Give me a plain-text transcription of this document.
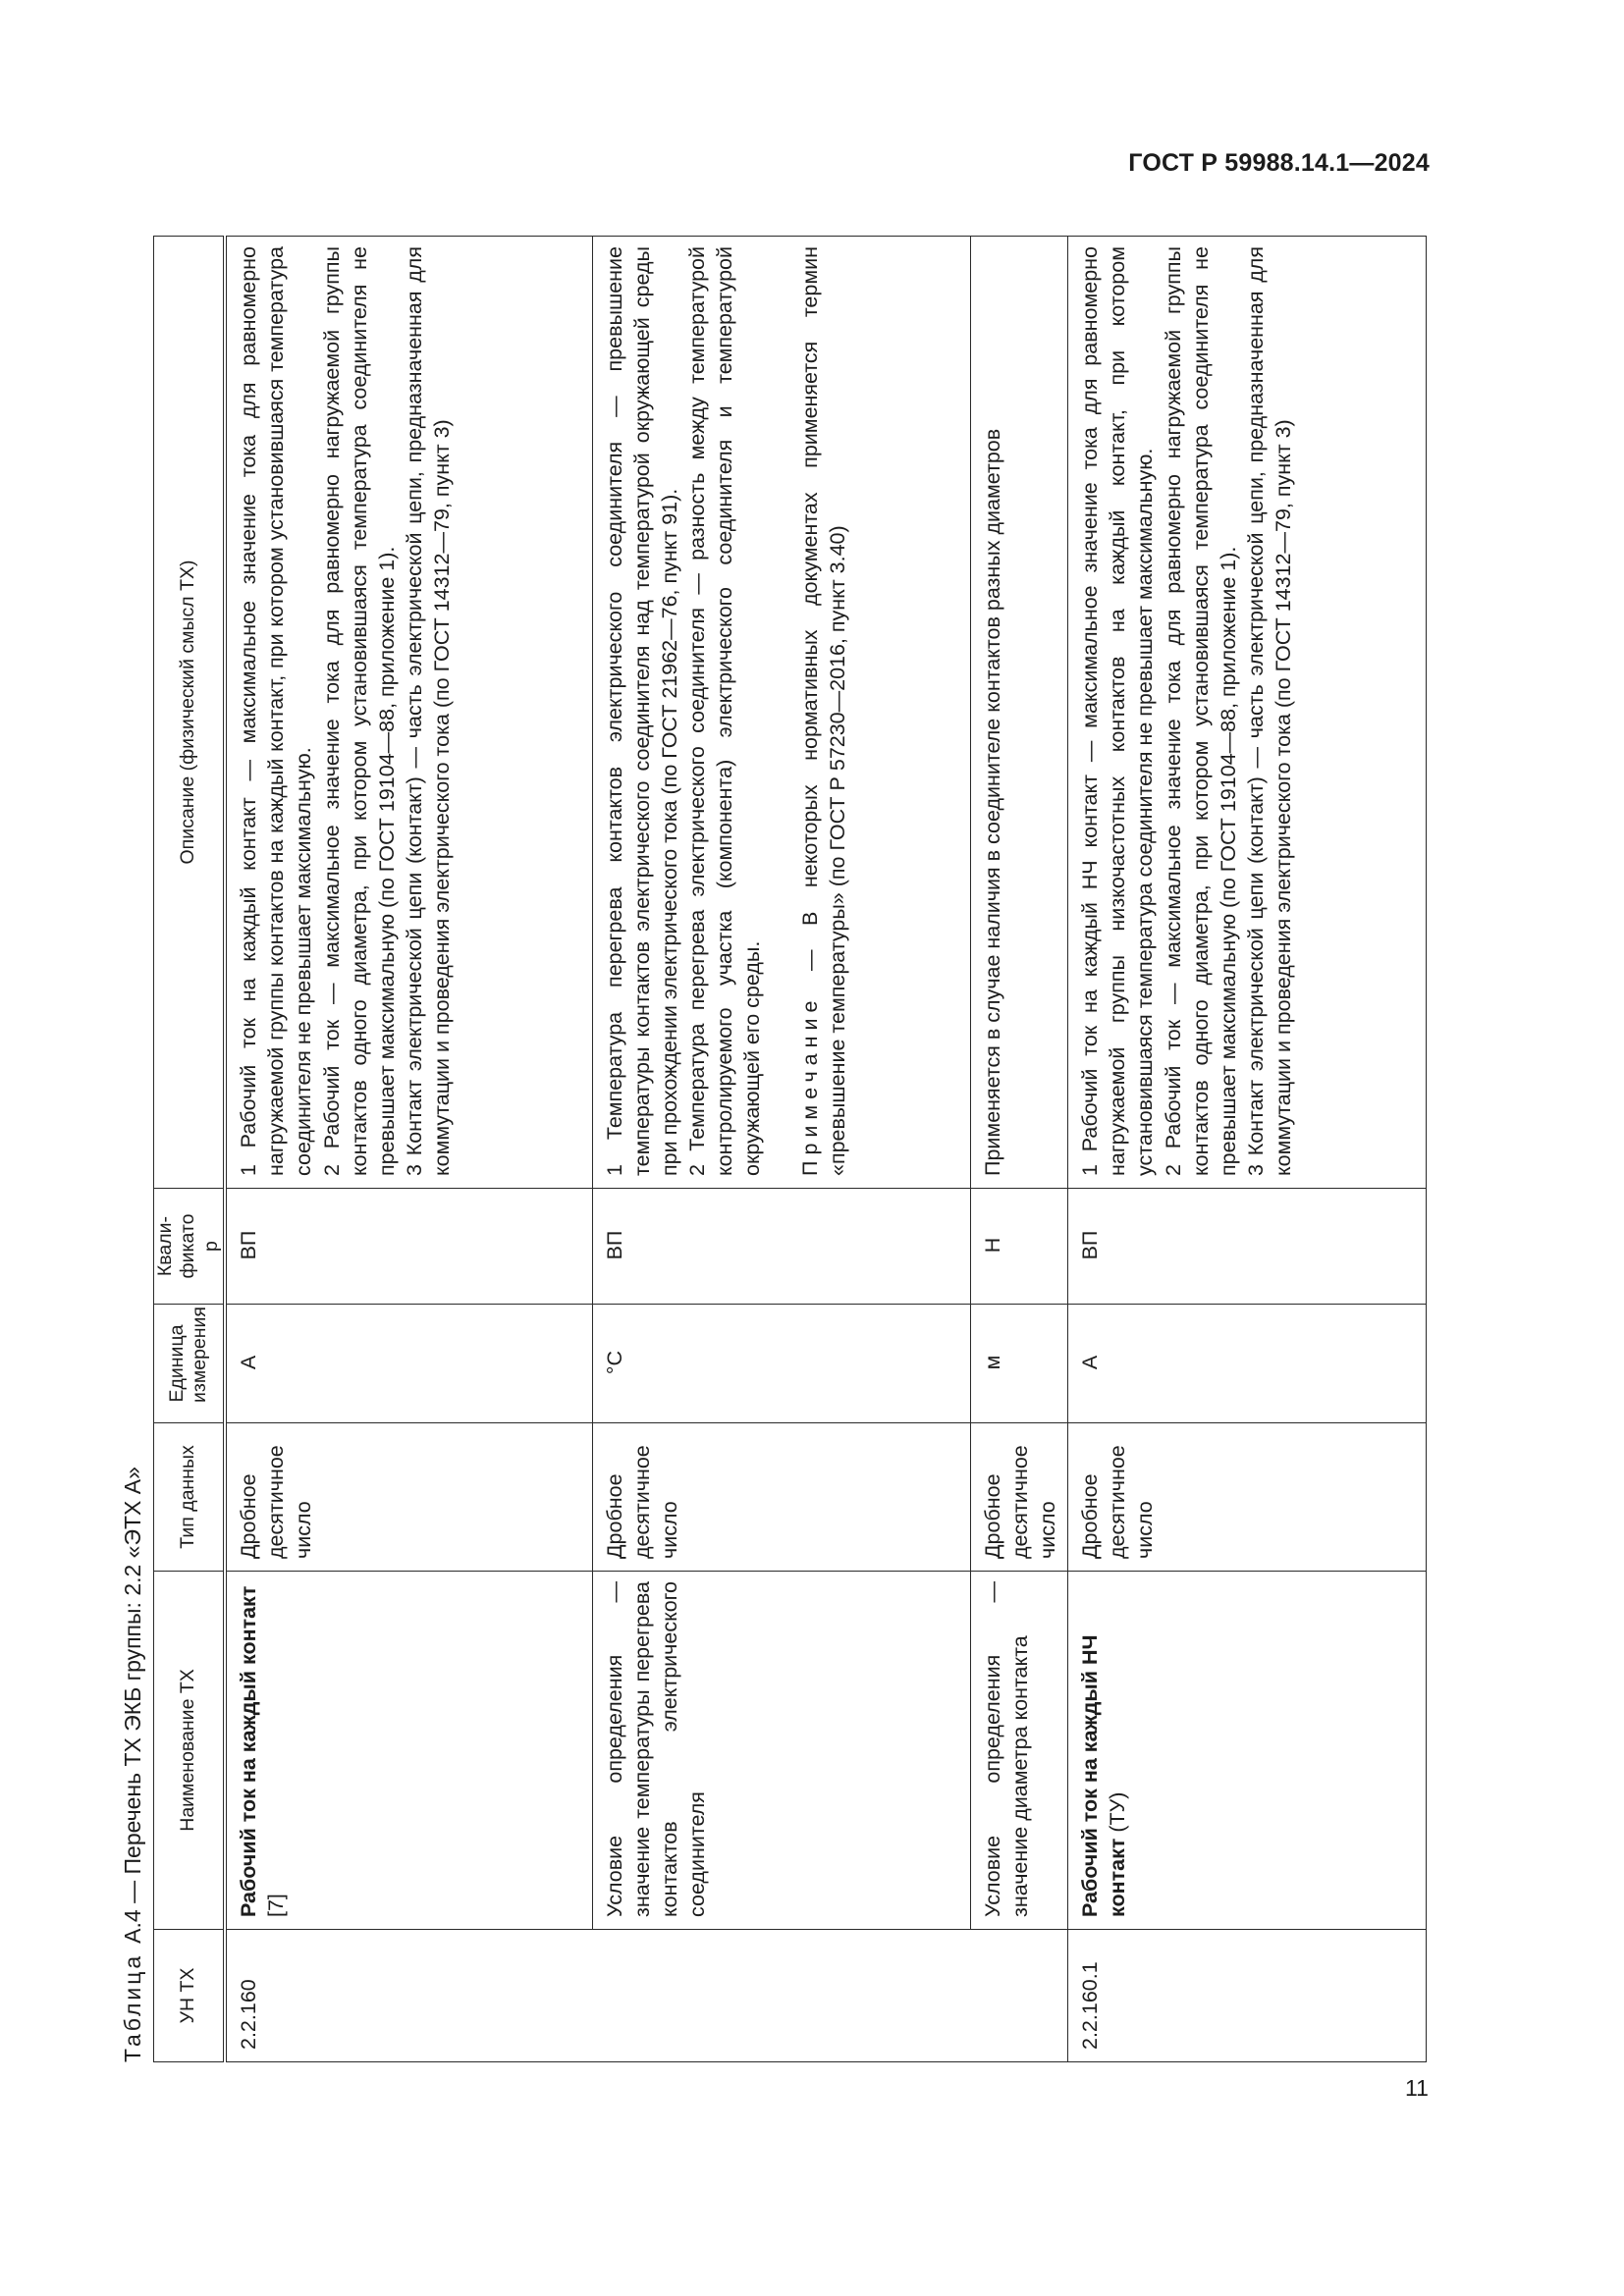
ГОСТ Р 59988.14.1—2024
Таблица
А.4 — Перечень ТХ ЭКБ группы: 2.2 «ЭТХ А»
УН ТХ	Наименование ТХ	Тип данных	Единица измерения	Квали-фикатор	Описание (физический смысл ТХ)

2.2.160	Рабочий ток на каждый контакт [7]	Дробное десятичное число	А	ВП	1 Рабочий ток на каждый контакт — максимальное значение тока для равномерно нагружаемой группы контактов на каждый контакт, при котором установившаяся температура соединителя не превышает максимальную. 2 Рабочий ток — максимальное значение тока для равномерно нагружаемой группы контактов одного диаметра, при котором установившаяся температура соединителя не превышает максимальную (по ГОСТ 19104—88, приложение 1). 3 Контакт электрической цепи (контакт) — часть электрической цепи, предназначенная для коммутации и проведения электрического тока (по ГОСТ 14312—79, пункт 3)

	Условие определения — значение температуры перегрева контактов электрического соединителя	Дробное десятичное число	°С	ВП	1 Температура перегрева контактов электрического соединителя — превышение температуры контактов электрического соединителя над температурой окружающей среды при прохождении электрического тока (по ГОСТ 21962—76, пункт 91). 2 Температура перегрева электрического соединителя — разность между температурой контролируемого участка (компонента) электрического соединителя и температурой окружающей его среды. Примечание — В некоторых нормативных документах применяется термин «превышение температуры» (по ГОСТ Р 57230—2016, пункт 3.40)

	Условие определения — значение диаметра контакта	Дробное десятичное число	м	Н	Применяется в случае наличия в соединителе контактов разных диаметров

2.2.160.1	Рабочий ток на каждый НЧ контакт (ТУ)	Дробное десятичное число	А	ВП	1 Рабочий ток на каждый НЧ контакт — максимальное значение тока для равномерно нагружаемой группы низкочастотных контактов на каждый контакт, при котором установившаяся температура соединителя не превышает максимальную. 2 Рабочий ток — максимальное значение тока для равномерно нагружаемой группы контактов одного диаметра, при котором установившаяся температура соединителя не превышает максимальную (по ГОСТ 19104—88, приложение 1). 3 Контакт электрической цепи (контакт) — часть электрической цепи, предназначенная для коммутации и проведения электрического тока (по ГОСТ 14312—79, пункт 3)

11
